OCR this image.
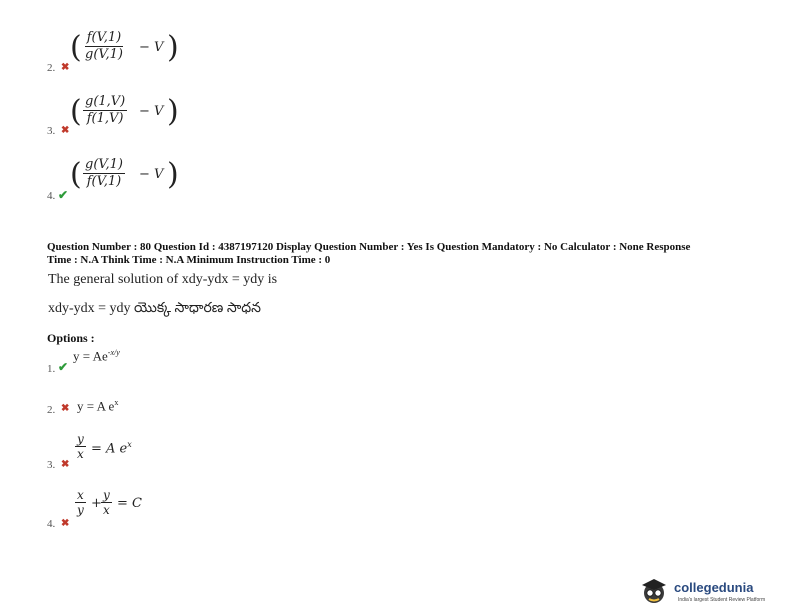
( $\frac{f(V,1)}{g(V,1)} - V$ )
2. ✖
( $\frac{g(1,V)}{f(1,V)} - V$ )
3. ✖
( $\frac{g(V,1)}{f(V,1)} - V$ )
4. ✔
Question Number : 80 Question Id : 4387197120 Display Question Number : Yes Is Question Mandatory : No Calculator : None Response
Time : N.A Think Time : N.A Minimum Instruction Time : 0
The general solution of xdy-ydx = ydy is
xdy-ydx = ydy యొక్క సాధారణ సాధన
Options :
$y = Ae^{-x/y}$
1. ✔
2. ✖ y = A $e^x$
$\frac{y}{x} = A$ $e^x$
3. ✖
$\frac{x}{y} + \frac{y}{x} = C$
4. ✖
collegedunia
India's largest Student Review Platform
